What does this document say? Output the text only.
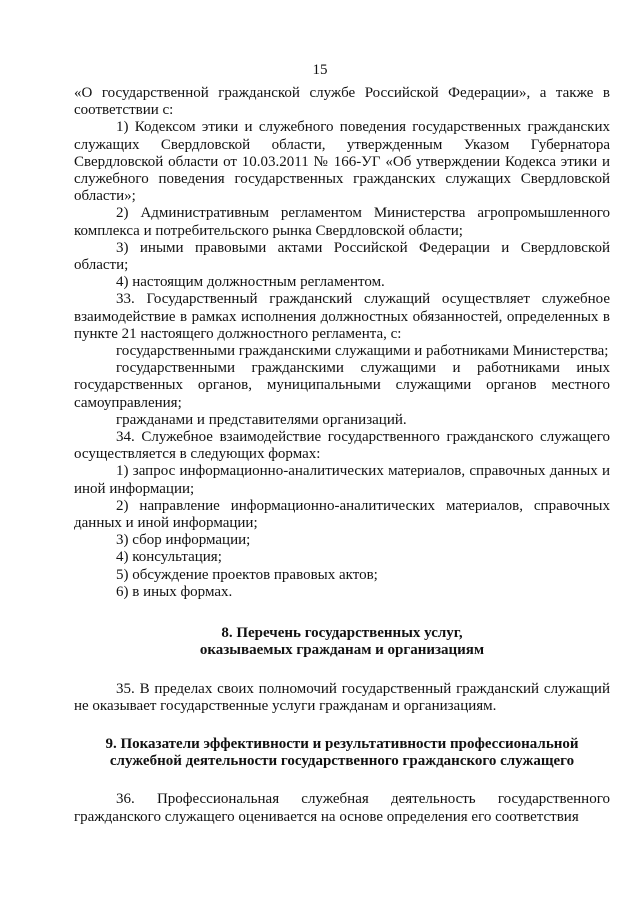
15

«О государственной гражданской службе Российской Федерации», а также в соответствии с:

1) Кодексом этики и служебного поведения государственных гражданских служащих Свердловской области, утвержденным Указом Губернатора Свердловской области от 10.03.2011 № 166-УГ «Об утверждении Кодекса этики и служебного поведения государственных гражданских служащих Свердловской области»;

2) Административным регламентом Министерства агропромышленного комплекса и потребительского рынка Свердловской области;

3) иными правовыми актами Российской Федерации и Свердловской области;

4) настоящим должностным регламентом.

33. Государственный гражданский служащий осуществляет служебное взаимодействие в рамках исполнения должностных обязанностей, определенных в пункте 21 настоящего должностного регламента, с:

государственными гражданскими служащими и работниками Министерства;

государственными гражданскими служащими и работниками иных государственных органов, муниципальными служащими органов местного самоуправления;

гражданами и представителями организаций.

34. Служебное взаимодействие государственного гражданского служащего осуществляется в следующих формах:

1) запрос информационно-аналитических материалов, справочных данных и иной информации;

2) направление информационно-аналитических материалов, справочных данных и иной информации;

3) сбор информации;

4) консультация;

5) обсуждение проектов правовых актов;

6) в иных формах.

8. Перечень государственных услуг,
оказываемых гражданам и организациям

35. В пределах своих полномочий государственный гражданский служащий не оказывает государственные услуги гражданам и организациям.

9. Показатели эффективности и результативности профессиональной
служебной деятельности государственного гражданского служащего

36. Профессиональная служебная деятельность государственного гражданского служащего оценивается на основе определения его соответствия
